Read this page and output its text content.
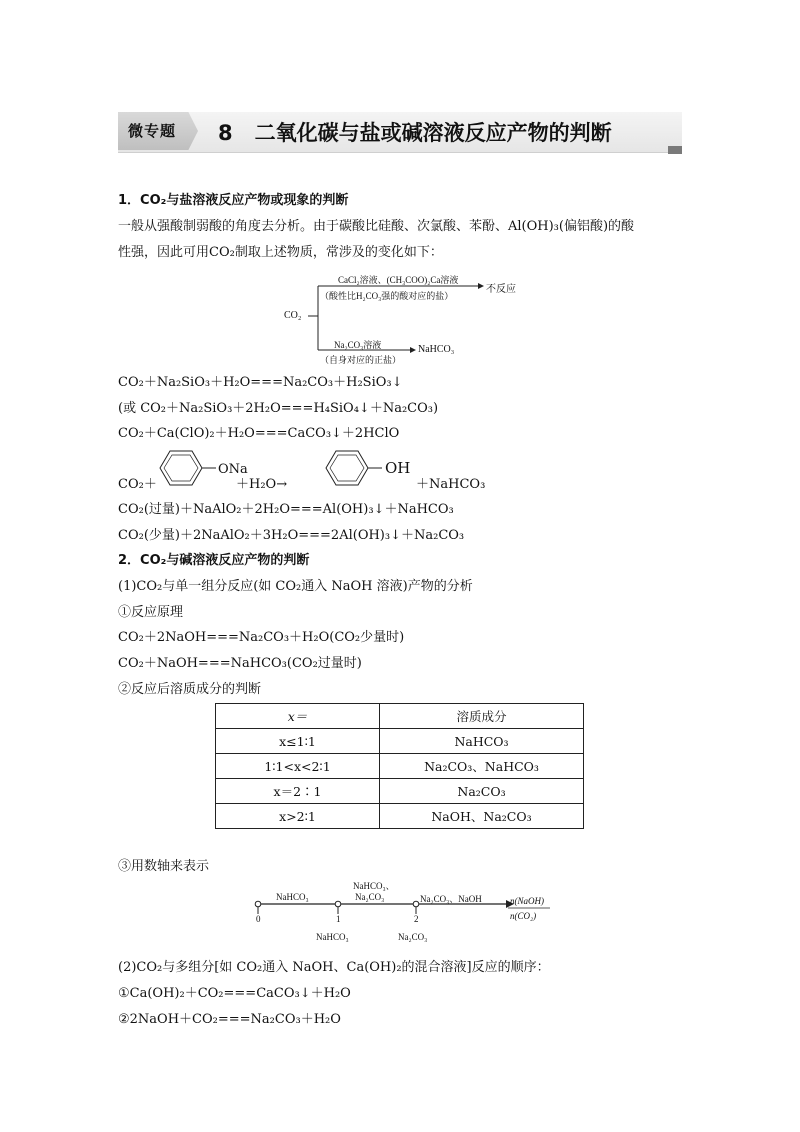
微专题 8 二氧化碳与盐或碱溶液反应产物的判断
1．CO₂与盐溶液反应产物或现象的判断
一般从强酸制弱酸的角度去分析。由于碳酸比硅酸、次氯酸、苯酚、Al(OH)₃(偏铝酸)的酸
性强，因此可用CO₂制取上述物质，常涉及的变化如下：
CO₂
CaCl₂溶液、(CH₃COO)₂Ca溶液
（酸性比H₂CO₃强的酸对应的盐）
不反应
Na₂CO₃溶液
（自身对应的正盐）
NaHCO₃
CO₂＋Na₂SiO₃＋H₂O===Na₂CO₃＋H₂SiO₃↓
(或 CO₂＋Na₂SiO₃＋2H₂O===H₄SiO₄↓＋Na₂CO₃)
CO₂＋Ca(ClO)₂＋H₂O===CaCO₃↓＋2HClO
CO₂＋
ONa
＋H₂O→
OH
＋NaHCO₃
CO₂(过量)＋NaAlO₂＋2H₂O===Al(OH)₃↓＋NaHCO₃
CO₂(少量)＋2NaAlO₂＋3H₂O===2Al(OH)₃↓＋Na₂CO₃
2．CO₂与碱溶液反应产物的判断
(1)CO₂与单一组分反应(如 CO₂通入 NaOH 溶液)产物的分析
①反应原理
CO₂＋2NaOH===Na₂CO₃＋H₂O(CO₂少量时)
CO₂＋NaOH===NaHCO₃(CO₂过量时)
②反应后溶质成分的判断
x＝	溶质成分
x≤1∶1	NaHCO₃
1∶1<x<2∶1	Na₂CO₃、NaHCO₃
x＝2∶1	Na₂CO₃
x>2∶1	NaOH、Na₂CO₃
③用数轴来表示
0	1	2
NaHCO₃
NaHCO₃、
Na₂CO₃	Na₂CO₃、NaOH
NaHCO₃	Na₂CO₃
n(NaOH)
n(CO₂)
(2)CO₂与多组分[如 CO₂通入 NaOH、Ca(OH)₂的混合溶液]反应的顺序：
①Ca(OH)₂＋CO₂===CaCO₃↓＋H₂O
②2NaOH＋CO₂===Na₂CO₃＋H₂O
